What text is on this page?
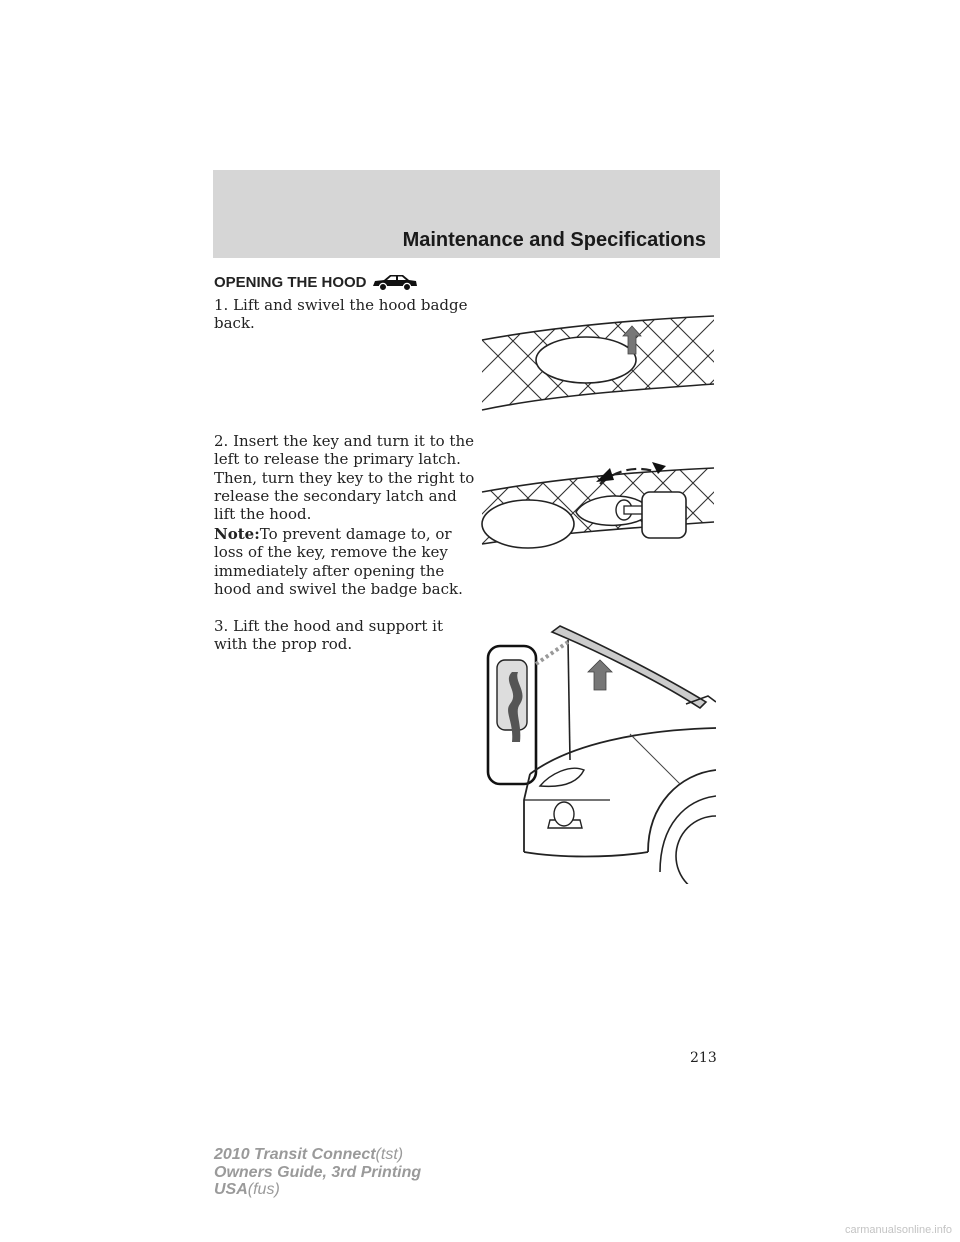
Maintenance and Specifications
OPENING THE HOOD

1. Lift and swivel the hood badge back.

2. Insert the key and turn it to the left to release the primary latch. Then, turn they key to the right to release the secondary latch and lift the hood.

Note:To prevent damage to, or loss of the key, remove the key immediately after opening the hood and swivel the badge back.

3. Lift the hood and support it with the prop rod.

213
2010 Transit Connect(tst)
Owners Guide, 3rd Printing
USA(fus)
carmanualsonline.info
